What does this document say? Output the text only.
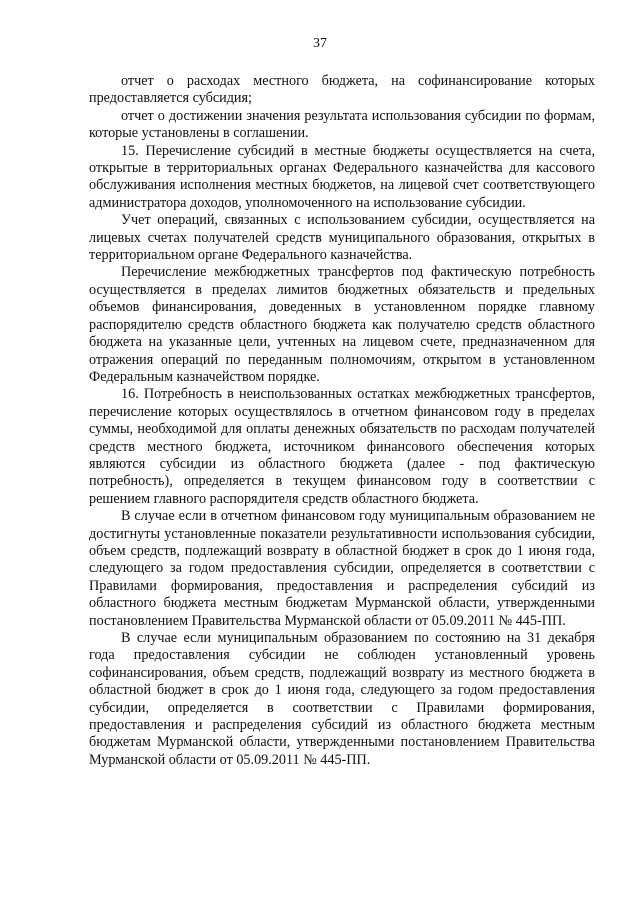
37

отчет о расходах местного бюджета, на софинансирование которых предоставляется субсидия;

отчет о достижении значения результата использования субсидии по формам, которые установлены в соглашении.

15. Перечисление субсидий в местные бюджеты осуществляется на счета, открытые в территориальных органах Федерального казначейства для кассового обслуживания исполнения местных бюджетов, на лицевой счет соответствующего администратора доходов, уполномоченного на использование субсидии.

Учет операций, связанных с использованием субсидии, осуществляется на лицевых счетах получателей средств муниципального образования, открытых в территориальном органе Федерального казначейства.

Перечисление межбюджетных трансфертов под фактическую потребность осуществляется в пределах лимитов бюджетных обязательств и предельных объемов финансирования, доведенных в установленном порядке главному распорядителю средств областного бюджета как получателю средств областного бюджета на указанные цели, учтенных на лицевом счете, предназначенном для отражения операций по переданным полномочиям, открытом в установленном Федеральным казначейством порядке.

16. Потребность в неиспользованных остатках межбюджетных трансфертов, перечисление которых осуществлялось в отчетном финансовом году в пределах суммы, необходимой для оплаты денежных обязательств по расходам получателей средств местного бюджета, источником финансового обеспечения которых являются субсидии из областного бюджета (далее - под фактическую потребность), определяется в текущем финансовом году в соответствии с решением главного распорядителя средств областного бюджета.

В случае если в отчетном финансовом году муниципальным образованием не достигнуты установленные показатели результативности использования субсидии, объем средств, подлежащий возврату в областной бюджет в срок до 1 июня года, следующего за годом предоставления субсидии, определяется в соответствии с Правилами формирования, предоставления и распределения субсидий из областного бюджета местным бюджетам Мурманской области, утвержденными постановлением Правительства Мурманской области от 05.09.2011 № 445-ПП.

В случае если муниципальным образованием по состоянию на 31 декабря года предоставления субсидии не соблюден установленный уровень софинансирования, объем средств, подлежащий возврату из местного бюджета в областной бюджет в срок до 1 июня года, следующего за годом предоставления субсидии, определяется в соответствии с Правилами формирования, предоставления и распределения субсидий из областного бюджета местным бюджетам Мурманской области, утвержденными постановлением Правительства Мурманской области от 05.09.2011 № 445-ПП.
